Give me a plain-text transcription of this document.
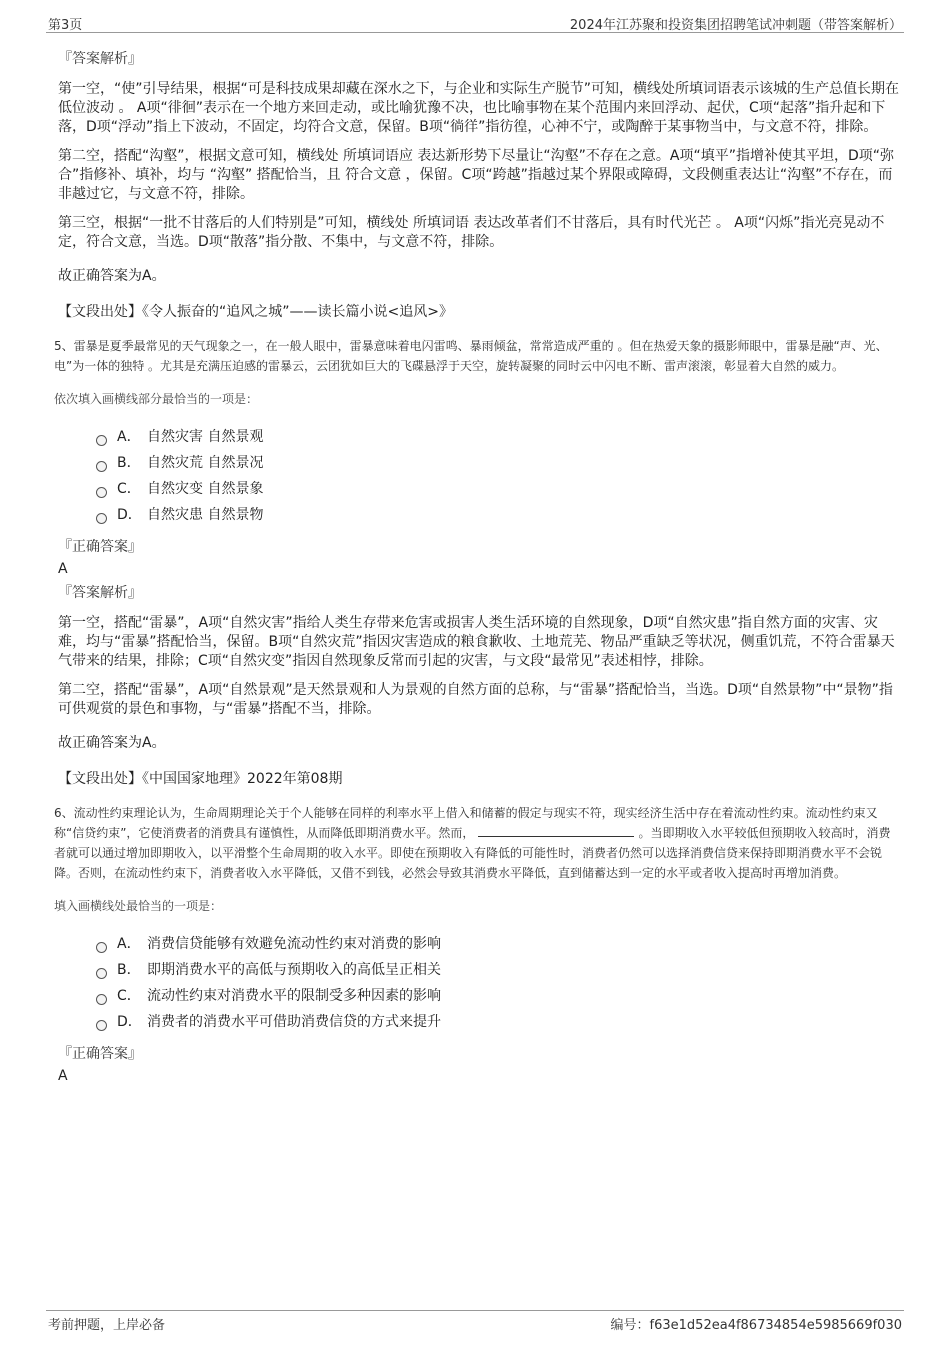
第3页	2024年江苏聚和投资集团招聘笔试冲刺题（带答案解析）
『答案解析』
第一空，“使”引导结果，根据“可是科技成果却藏在深水之下，与企业和实际生产脱节”可知，横线处所填词语表示该城的生产总值长期在低位波动 。 A项“徘徊”表示在一个地方来回走动，或比喻犹豫不决，也比喻事物在某个范围内来回浮动、起伏，C项“起落”指升起和下落，D项“浮动”指上下波动，不固定，均符合文意，保留。B项“徜徉”指彷徨，心神不宁，或陶醉于某事物当中，与文意不符，排除。
第二空，搭配“沟壑”，根据文意可知，横线处 所填词语应 表达新形势下尽量让“沟壑”不存在之意。A项“填平”指增补使其平坦，D项“弥合”指修补、填补，均与 “沟壑” 搭配恰当，且 符合文意 ，保留。C项“跨越”指越过某个界限或障碍，文段侧重表达让“沟壑”不存在，而非越过它，与文意不符，排除。
第三空，根据“一批不甘落后的人们特别是”可知，横线处 所填词语 表达改革者们不甘落后，具有时代光芒 。 A项“闪烁”指光亮晃动不定，符合文意，当选。D项“散落”指分散、不集中，与文意不符，排除。
故正确答案为A。
【文段出处】《令人振奋的“追风之城”——读长篇小说<追风>》
5、雷暴是夏季最常见的天气现象之一，在一般人眼中，雷暴意味着电闪雷鸣、暴雨倾盆，常常造成严重的 。但在热爱天象的摄影师眼中，雷暴是融“声、光、电”为一体的独特 。尤其是充满压迫感的雷暴云，云团犹如巨大的飞碟悬浮于天空，旋转凝聚的同时云中闪电不断、雷声滚滚，彰显着大自然的威力。
依次填入画横线部分最恰当的一项是：
A． 自然灾害 自然景观
B． 自然灾荒 自然景况
C． 自然灾变 自然景象
D． 自然灾患 自然景物
『正确答案』
A
『答案解析』
第一空，搭配“雷暴”，A项“自然灾害”指给人类生存带来危害或损害人类生活环境的自然现象，D项“自然灾患”指自然方面的灾害、灾难，均与“雷暴”搭配恰当，保留。B项“自然灾荒”指因灾害造成的粮食歉收、土地荒芜、物品严重缺乏等状况，侧重饥荒，不符合雷暴天气带来的结果，排除；C项“自然灾变”指因自然现象反常而引起的灾害，与文段“最常见”表述相悖，排除。
第二空，搭配“雷暴”，A项“自然景观”是天然景观和人为景观的自然方面的总称，与“雷暴”搭配恰当，当选。D项“自然景物”中“景物”指可供观赏的景色和事物，与“雷暴”搭配不当，排除。
故正确答案为A。
【文段出处】《中国国家地理》2022年第08期
6、流动性约束理论认为，生命周期理论关于个人能够在同样的利率水平上借入和储蓄的假定与现实不符，现实经济生活中存在着流动性约束。流动性约束又称“信贷约束”，它使消费者的消费具有谨慎性，从而降低即期消费水平。然而，	。当即期收入水平较低但预期收入较高时，消费者就可以通过增加即期收入，以平滑整个生命周期的收入水平。即使在预期收入有降低的可能性时，消费者仍然可以选择消费信贷来保持即期消费水平不会锐降。否则，在流动性约束下，消费者收入水平降低，又借不到钱，必然会导致其消费水平降低，直到储蓄达到一定的水平或者收入提高时再增加消费。
填入画横线处最恰当的一项是：
A． 消费信贷能够有效避免流动性约束对消费的影响
B． 即期消费水平的高低与预期收入的高低呈正相关
C． 流动性约束对消费水平的限制受多种因素的影响
D． 消费者的消费水平可借助消费信贷的方式来提升
『正确答案』
A
考前押题，上岸必备	编号：f63e1d52ea4f86734854e5985669f030
